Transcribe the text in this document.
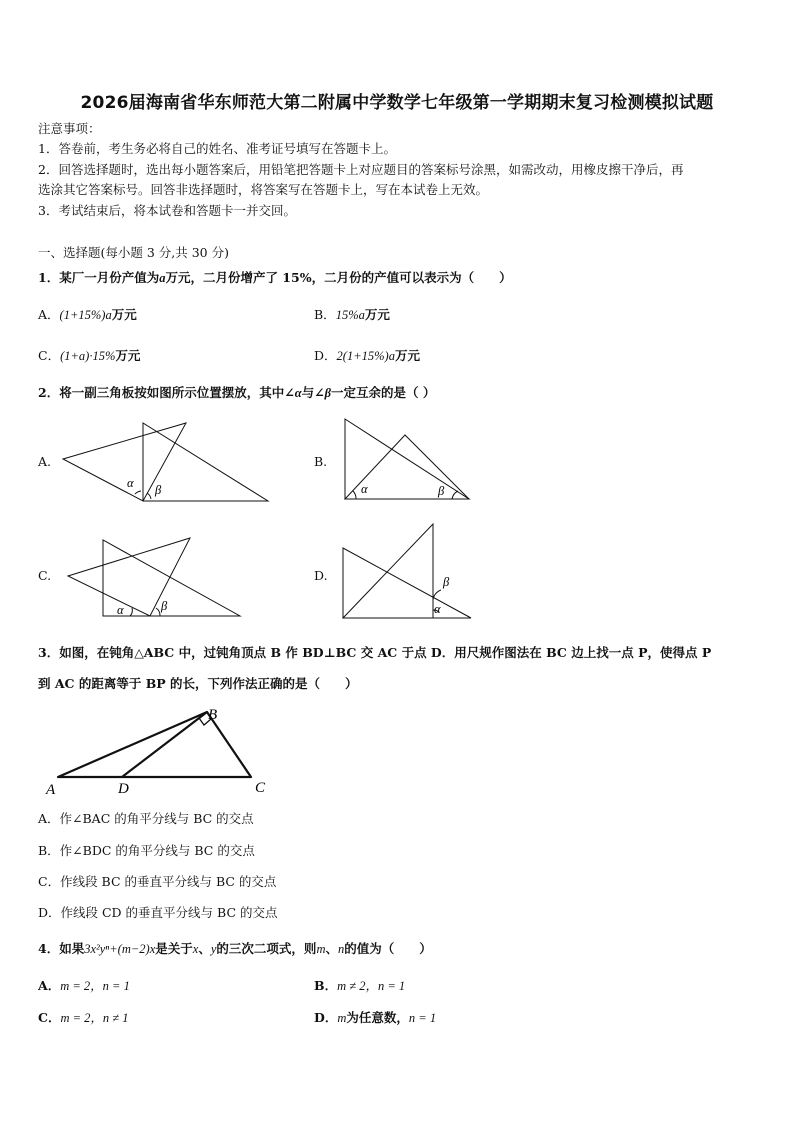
2026届海南省华东师范大第二附属中学数学七年级第一学期期末复习检测模拟试题
注意事项：
1．答卷前，考生务必将自己的姓名、准考证号填写在答题卡上。
2．回答选择题时，选出每小题答案后，用铅笔把答题卡上对应题目的答案标号涂黑，如需改动，用橡皮擦干净后，再
选涂其它答案标号。回答非选择题时，将答案写在答题卡上，写在本试卷上无效。
3．考试结束后，将本试卷和答题卡一并交回。
一、选择题(每小题 3 分,共 30 分)
1．某厂一月份产值为a万元，二月份增产了 15%，二月份的产值可以表示为（　　）
A．(1+15%)a万元	B．15%a万元
C．(1+a)·15%万元	D．2(1+15%)a万元
2．将一副三角板按如图所示位置摆放，其中∠α与∠β一定互余的是（ ）
A.	B.
C.	D.
α β	α	β
α	β
β
α
3．如图，在钝角△ABC 中，过钝角顶点 B 作 BD⊥BC 交 AC 于点 D．用尺规作图法在 BC 边上找一点 P，使得点 P
到 AC 的距离等于 BP 的长，下列作法正确的是（　　）
A
B
C
D
A．作∠BAC 的角平分线与 BC 的交点
B．作∠BDC 的角平分线与 BC 的交点
C．作线段 BC 的垂直平分线与 BC 的交点
D．作线段 CD 的垂直平分线与 BC 的交点
4．如果3x²yⁿ+(m−2)x是关于x、y的三次二项式，则m、n的值为（　　）
A．m = 2，n = 1	B．m ≠ 2，n = 1
C．m = 2，n ≠ 1	D．m为任意数，n = 1
